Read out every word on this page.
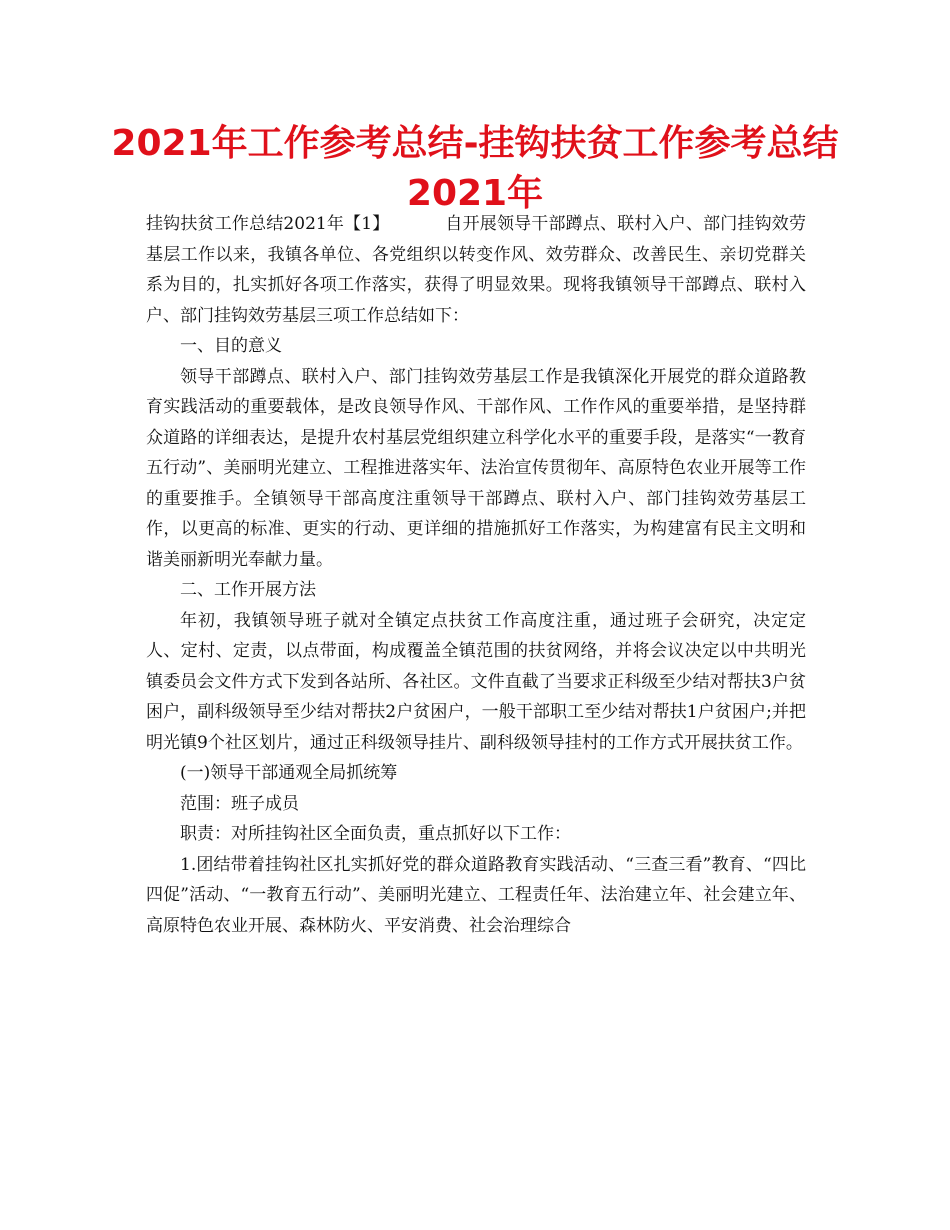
2021年工作参考总结-挂钩扶贫工作参考总结
2021年

挂钩扶贫工作总结2021年【1】	自开展领导干部蹲点、联村入户、部门挂钩效劳基层工作以来，我镇各单位、各党组织以转变作风、效劳群众、改善民生、亲切党群关系为目的，扎实抓好各项工作落实，获得了明显效果。现将我镇领导干部蹲点、联村入户、部门挂钩效劳基层三项工作总结如下：

一、目的意义

领导干部蹲点、联村入户、部门挂钩效劳基层工作是我镇深化开展党的群众道路教育实践活动的重要载体，是改良领导作风、干部作风、工作作风的重要举措，是坚持群众道路的详细表达，是提升农村基层党组织建立科学化水平的重要手段，是落实“一教育五行动”、美丽明光建立、工程推进落实年、法治宣传贯彻年、高原特色农业开展等工作的重要推手。全镇领导干部高度注重领导干部蹲点、联村入户、部门挂钩效劳基层工作，以更高的标准、更实的行动、更详细的措施抓好工作落实，为构建富有民主文明和谐美丽新明光奉献力量。

二、工作开展方法

年初，我镇领导班子就对全镇定点扶贫工作高度注重，通过班子会研究，决定定人、定村、定责，以点带面，构成覆盖全镇范围的扶贫网络，并将会议决定以中共明光镇委员会文件方式下发到各站所、各社区。文件直截了当要求正科级至少结对帮扶3户贫困户，副科级领导至少结对帮扶2户贫困户，一般干部职工至少结对帮扶1户贫困户;并把明光镇9个社区划片，通过正科级领导挂片、副科级领导挂村的工作方式开展扶贫工作。

(一)领导干部通观全局抓统筹

范围：班子成员

职责：对所挂钩社区全面负责，重点抓好以下工作：

1.团结带着挂钩社区扎实抓好党的群众道路教育实践活动、“三查三看”教育、“四比四促”活动、“一教育五行动”、美丽明光建立、工程责任年、法治建立年、社会建立年、高原特色农业开展、森林防火、平安消费、社会治理综合
